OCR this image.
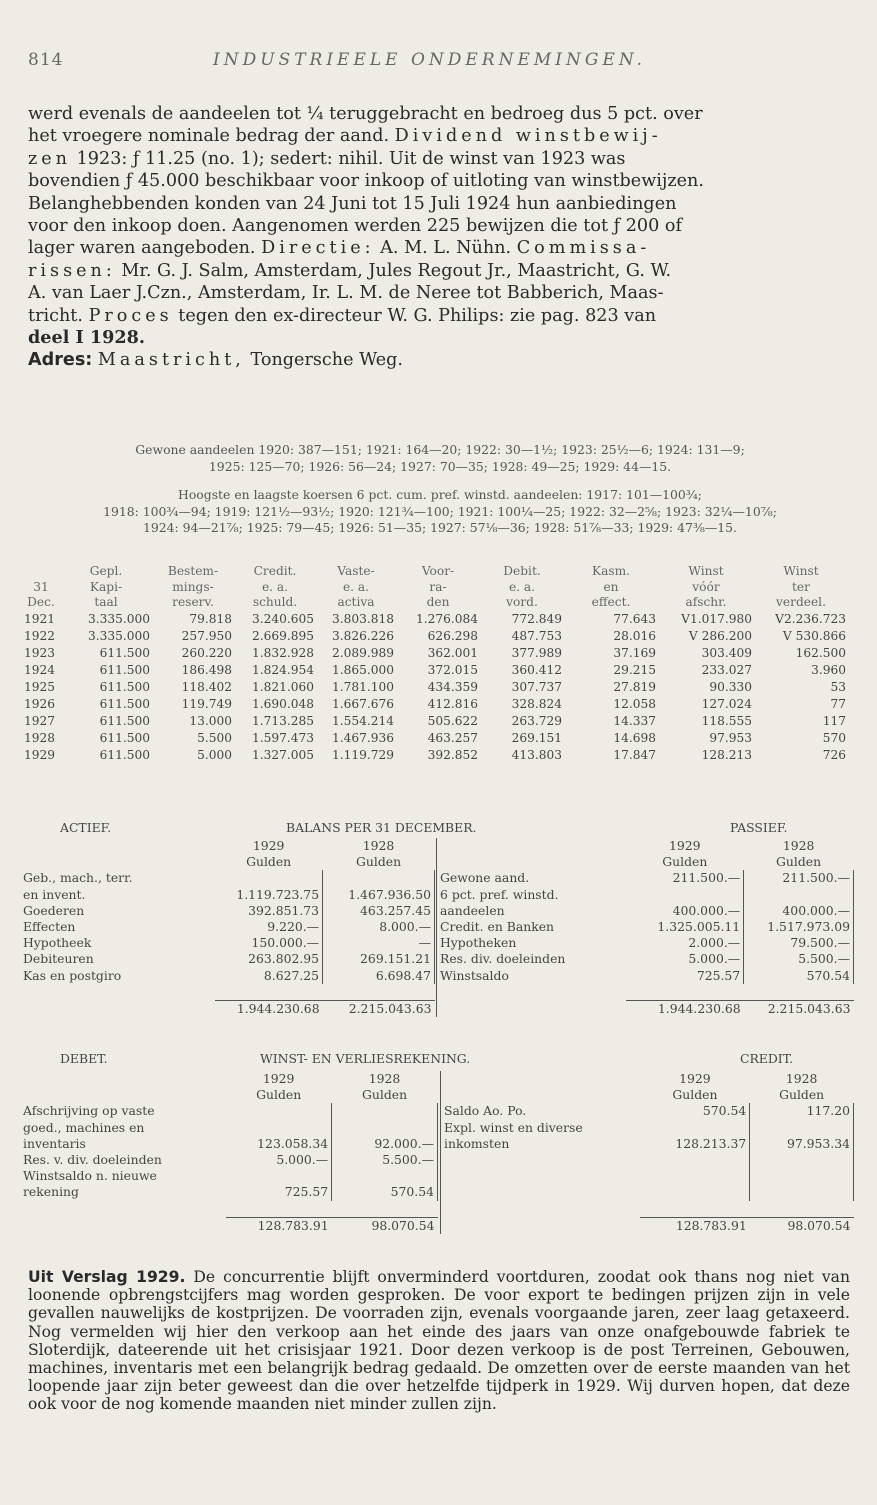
814	INDUSTRIEELE ONDERNEMINGEN.

werd evenals de aandeelen tot ¼ teruggebracht en bedroeg dus 5 pct. over

het vroegere nominale bedrag der aand. Dividend winstbewij-

zen 1923: ƒ 11.25 (no. 1); sedert: nihil. Uit de winst van 1923 was

bovendien ƒ 45.000 beschikbaar voor inkoop of uitloting van winstbewijzen.

Belanghebbenden konden van 24 Juni tot 15 Juli 1924 hun aanbiedingen

voor den inkoop doen. Aangenomen werden 225 bewijzen die tot ƒ 200 of

lager waren aangeboden. Directie: A. M. L. Nühn. Commissa-

rissen: Mr. G. J. Salm, Amsterdam, Jules Regout Jr., Maastricht, G. W.

A. van Laer J.Czn., Amsterdam, Ir. L. M. de Neree tot Babberich, Maas-

tricht. Proces tegen den ex-directeur W. G. Philips: zie pag. 823 van

deel I 1928.

Adres: Maastricht, Tongersche Weg.

Gewone aandeelen 1920: 387—151; 1921: 164—20; 1922: 30—1½; 1923: 25½—6; 1924: 131—9;
1925: 125—70; 1926: 56—24; 1927: 70—35; 1928: 49—25; 1929: 44—15.
Hoogste en laagste koersen 6 pct. cum. pref. winstd. aandeelen: 1917: 101—100¾;
1918: 100¾—94; 1919: 121½—93½; 1920: 121¾—100; 1921: 100¼—25; 1922: 32—2⅝; 1923: 32¼—10⅞;
1924: 94—21⅞; 1925: 79—45; 1926: 51—35; 1927: 57⅛—36; 1928: 51⅞—33; 1929: 47⅜—15.
	Gepl.	Bestem-	Credit.	Vaste-	Voor-	Debit.	Kasm.	Winst	Winst
31	Kapi-	mings-	e. a.	e. a.	ra-	e. a.	en	vóór	ter
Dec.	taal	reserv.	schuld.	activa	den	vord.	effect.	afschr.	verdeel.
1921	3.335.000	79.818	3.240.605	3.803.818	1.276.084	772.849	77.643	V1.017.980	V2.236.723
1922	3.335.000	257.950	2.669.895	3.826.226	626.298	487.753	28.016	V 286.200	V 530.866
1923	611.500	260.220	1.832.928	2.089.989	362.001	377.989	37.169	303.409	162.500
1924	611.500	186.498	1.824.954	1.865.000	372.015	360.412	29.215	233.027	3.960
1925	611.500	118.402	1.821.060	1.781.100	434.359	307.737	27.819	90.330	53
1926	611.500	119.749	1.690.048	1.667.676	412.816	328.824	12.058	127.024	77
1927	611.500	13.000	1.713.285	1.554.214	505.622	263.729	14.337	118.555	117
1928	611.500	5.500	1.597.473	1.467.936	463.257	269.151	14.698	97.953	570
1929	611.500	5.000	1.327.005	1.119.729	392.852	413.803	17.847	128.213	726
ACTIEF.	BALANS PER 31 DECEMBER.	PASSIEF.
	1929	1928
	Gulden	Gulden
Geb., mach., terr.		
en invent.	1.119.723.75	1.467.936.50
Goederen	392.851.73	463.257.45
Effecten	9.220.—	8.000.—
Hypotheek	150.000.—	—
Debiteuren	263.802.95	269.151.21
Kas en postgiro	8.627.25	6.698.47

	1.944.230.68	2.215.043.63
	1929	1928
	Gulden	Gulden
Gewone aand.	211.500.—	211.500.—
6 pct. pref. winstd.		
aandeelen	400.000.—	400.000.—
Credit. en Banken	1.325.005.11	1.517.973.09
Hypotheken	2.000.—	79.500.—
Res. div. doeleinden	5.000.—	5.500.—
Winstsaldo	725.57	570.54

	1.944.230.68	2.215.043.63
DEBET.	WINST- EN VERLIESREKENING.	CREDIT.
	1929	1928
	Gulden	Gulden
Afschrijving op vaste		
goed., machines en		
inventaris	123.058.34	92.000.—
Res. v. div. doeleinden	5.000.—	5.500.—
Winstsaldo n. nieuwe		
rekening	725.57	570.54

	128.783.91	98.070.54
	1929	1928
	Gulden	Gulden
Saldo Ao. Po.	570.54	117.20
Expl. winst en diverse		
inkomsten	128.213.37	97.953.34

	128.783.91	98.070.54
Uit Verslag 1929. De concurrentie blijft onverminderd voortduren, zoodat ook thans nog niet van loonende opbrengstcijfers mag worden gesproken. De voor export te bedingen prijzen zijn in vele gevallen nauwelijks de kostprijzen. De voorraden zijn, evenals voorgaande jaren, zeer laag getaxeerd. Nog vermelden wij hier den verkoop aan het einde des jaars van onze onafgebouwde fabriek te Sloterdijk, dateerende uit het crisisjaar 1921. Door dezen verkoop is de post Terreinen, Gebouwen, machines, inventaris met een belangrijk bedrag gedaald. De omzetten over de eerste maanden van het loopende jaar zijn beter geweest dan die over hetzelfde tijdperk in 1929. Wij durven hopen, dat deze ook voor de nog komende maanden niet minder zullen zijn.
